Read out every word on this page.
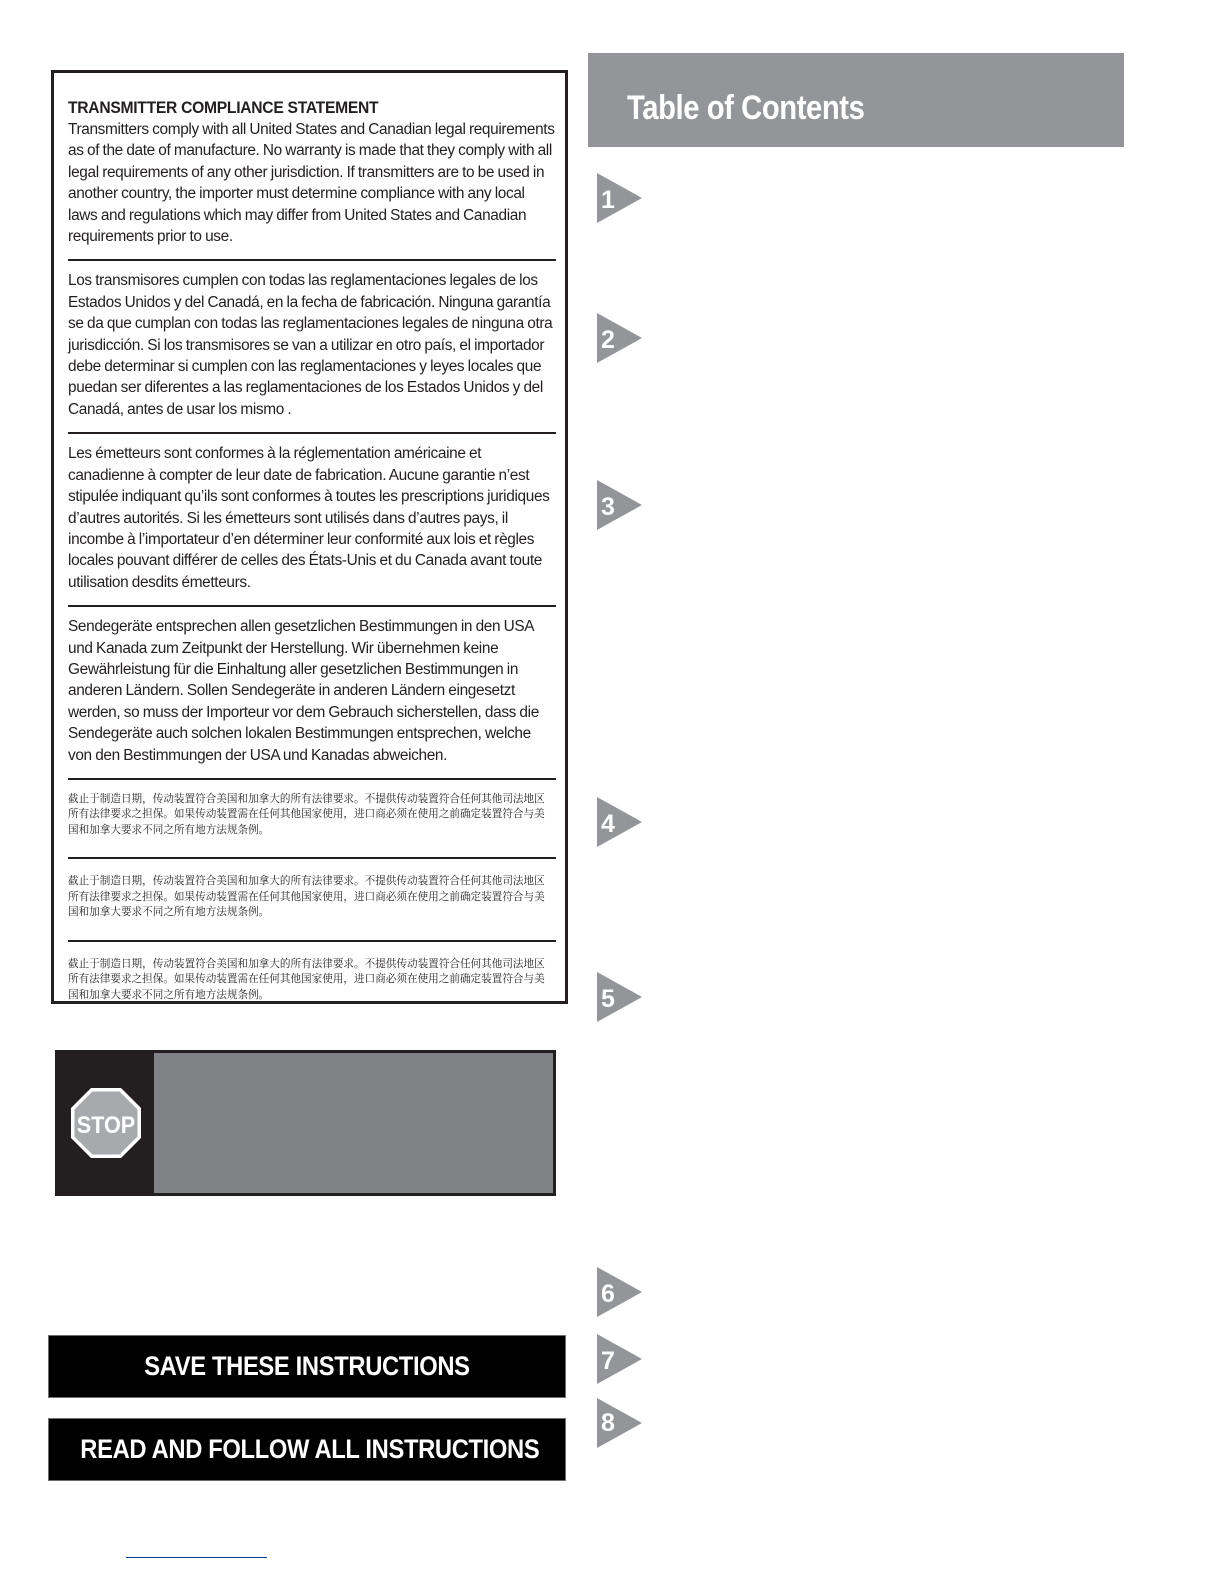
TRANSMITTER COMPLIANCE STATEMENT
Transmitters comply with all United States and Canadian legal requirements as of the date of manufacture. No warranty is made that they comply with all legal requirements of any other jurisdiction. If transmitters are to be used in another country, the importer must determine compliance with any local laws and regulations which may differ from United States and Canadian requirements prior to use.
Los transmisores cumplen con todas las reglamentaciones legales de los Estados Unidos y del Canadá, en la fecha de fabricación. Ninguna garantía se da que cumplan con todas las reglamentaciones legales de ninguna otra jurisdicción. Si los transmisores se van a utilizar en otro país, el importador debe determinar si cumplen con las reglamentaciones y leyes locales que puedan ser diferentes a las reglamentaciones de los Estados Unidos y del Canadá, antes de usar los mismo .
Les émetteurs sont conformes à la réglementation américaine et canadienne à compter de leur date de fabrication. Aucune garantie n’est stipulée indiquant qu’ils sont conformes à toutes les prescriptions juridiques d’autres autorités. Si les émetteurs sont utilisés dans d’autres pays, il incombe à l’importateur d’en déterminer leur conformité aux lois et règles locales pouvant différer de celles des États-Unis et du Canada avant toute utilisation desdits émetteurs.
Sendegeräte entsprechen allen gesetzlichen Bestimmungen in den USA und Kanada zum Zeitpunkt der Herstellung. Wir übernehmen keine Gewährleistung für die Einhaltung aller gesetzlichen Bestimmungen in anderen Ländern. Sollen Sendegeräte in anderen Ländern eingesetzt werden, so muss der Importeur vor dem Gebrauch sicherstellen, dass die Sendegeräte auch solchen lokalen Bestimmungen entsprechen, welche von den Bestimmungen der USA und Kanadas abweichen.
截止于制造日期，传动装置符合美国和加拿大的所有法律要求。不提供传动装置符合任何其他司法地区所有法律要求之担保。如果传动装置需在任何其他国家使用，进口商必须在使用之前确定装置符合与美国和加拿大要求不同之所有地方法规条例。
截止于制造日期，传动装置符合美国和加拿大的所有法律要求。不提供传动装置符合任何其他司法地区所有法律要求之担保。如果传动装置需在任何其他国家使用，进口商必须在使用之前确定装置符合与美国和加拿大要求不同之所有地方法规条例。
截止于制造日期，传动装置符合美国和加拿大的所有法律要求。不提供传动装置符合任何其他司法地区所有法律要求之担保。如果传动装置需在任何其他国家使用，进口商必须在使用之前确定装置符合与美国和加拿大要求不同之所有地方法规条例。
Table of Contents
1
2
3
4
5
6
7
8
STOP
SAVE THESE INSTRUCTIONS
READ AND FOLLOW ALL INSTRUCTIONS
